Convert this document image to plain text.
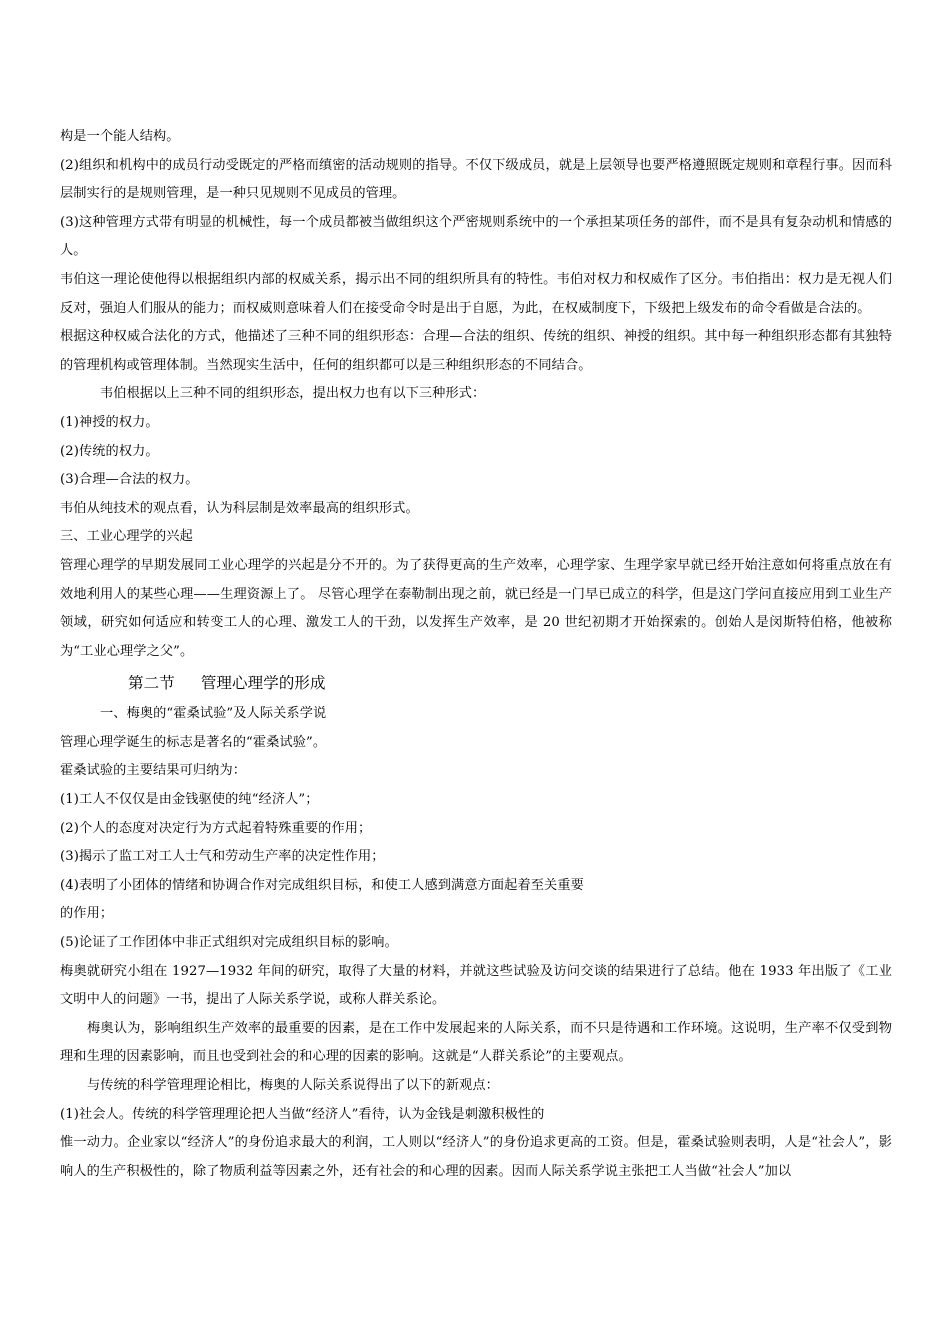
构是一个能人结构。

(2)组织和机构中的成员行动受既定的严格而缜密的活动规则的指导。不仅下级成员，就是上层领导也要严格遵照既定规则和章程行事。因而科层制实行的是规则管理，是一种只见规则不见成员的管理。

(3)这种管理方式带有明显的机械性，每一个成员都被当做组织这个严密规则系统中的一个承担某项任务的部件，而不是具有复杂动机和情感的人。

韦伯这一理论使他得以根据组织内部的权威关系，揭示出不同的组织所具有的特性。韦伯对权力和权威作了区分。韦伯指出：权力是无视人们反对，强迫人们服从的能力；而权威则意味着人们在接受命令时是出于自愿，为此，在权威制度下，下级把上级发布的命令看做是合法的。

根据这种权威合法化的方式，他描述了三种不同的组织形态：合理—合法的组织、传统的组织、神授的组织。其中每一种组织形态都有其独特的管理机构或管理体制。当然现实生活中，任何的组织都可以是三种组织形态的不同结合。

韦伯根据以上三种不同的组织形态，提出权力也有以下三种形式：

(1)神授的权力。

(2)传统的权力。

(3)合理—合法的权力。

韦伯从纯技术的观点看，认为科层制是效率最高的组织形式。

三、工业心理学的兴起

管理心理学的早期发展同工业心理学的兴起是分不开的。为了获得更高的生产效率，心理学家、生理学家早就已经开始注意如何将重点放在有效地利用人的某些心理——生理资源上了。 尽管心理学在泰勒制出现之前，就已经是一门早已成立的科学，但是这门学问直接应用到工业生产领域，研究如何适应和转变工人的心理、激发工人的干劲，以发挥生产效率，是 20 世纪初期才开始探索的。创始人是闵斯特伯格，他被称为“工业心理学之父”。

第二节 管理心理学的形成

一、梅奥的“霍桑试验”及人际关系学说

管理心理学诞生的标志是著名的“霍桑试验”。

霍桑试验的主要结果可归纳为：

(1)工人不仅仅是由金钱驱使的纯“经济人”；

(2)个人的态度对决定行为方式起着特殊重要的作用；

(3)揭示了监工对工人士气和劳动生产率的决定性作用；

(4)表明了小团体的情绪和协调合作对完成组织目标，和使工人感到满意方面起着至关重要

的作用；

(5)论证了工作团体中非正式组织对完成组织目标的影响。

梅奥就研究小组在 1927—1932 年间的研究，取得了大量的材料，并就这些试验及访问交谈的结果进行了总结。他在 1933 年出版了《工业文明中人的问题》一书，提出了人际关系学说，或称人群关系论。

梅奥认为，影响组织生产效率的最重要的因素，是在工作中发展起来的人际关系，而不只是待遇和工作环境。这说明，生产率不仅受到物理和生理的因素影响，而且也受到社会的和心理的因素的影响。这就是“人群关系论”的主要观点。

与传统的科学管理理论相比，梅奥的人际关系说得出了以下的新观点：

(1)社会人。传统的科学管理理论把人当做“经济人”看待，认为金钱是刺激积极性的

惟一动力。企业家以“经济人”的身份追求最大的利润，工人则以“经济人”的身份追求更高的工资。但是，霍桑试验则表明，人是“社会人”，影响人的生产积极性的，除了物质利益等因素之外，还有社会的和心理的因素。因而人际关系学说主张把工人当做“社会人”加以
